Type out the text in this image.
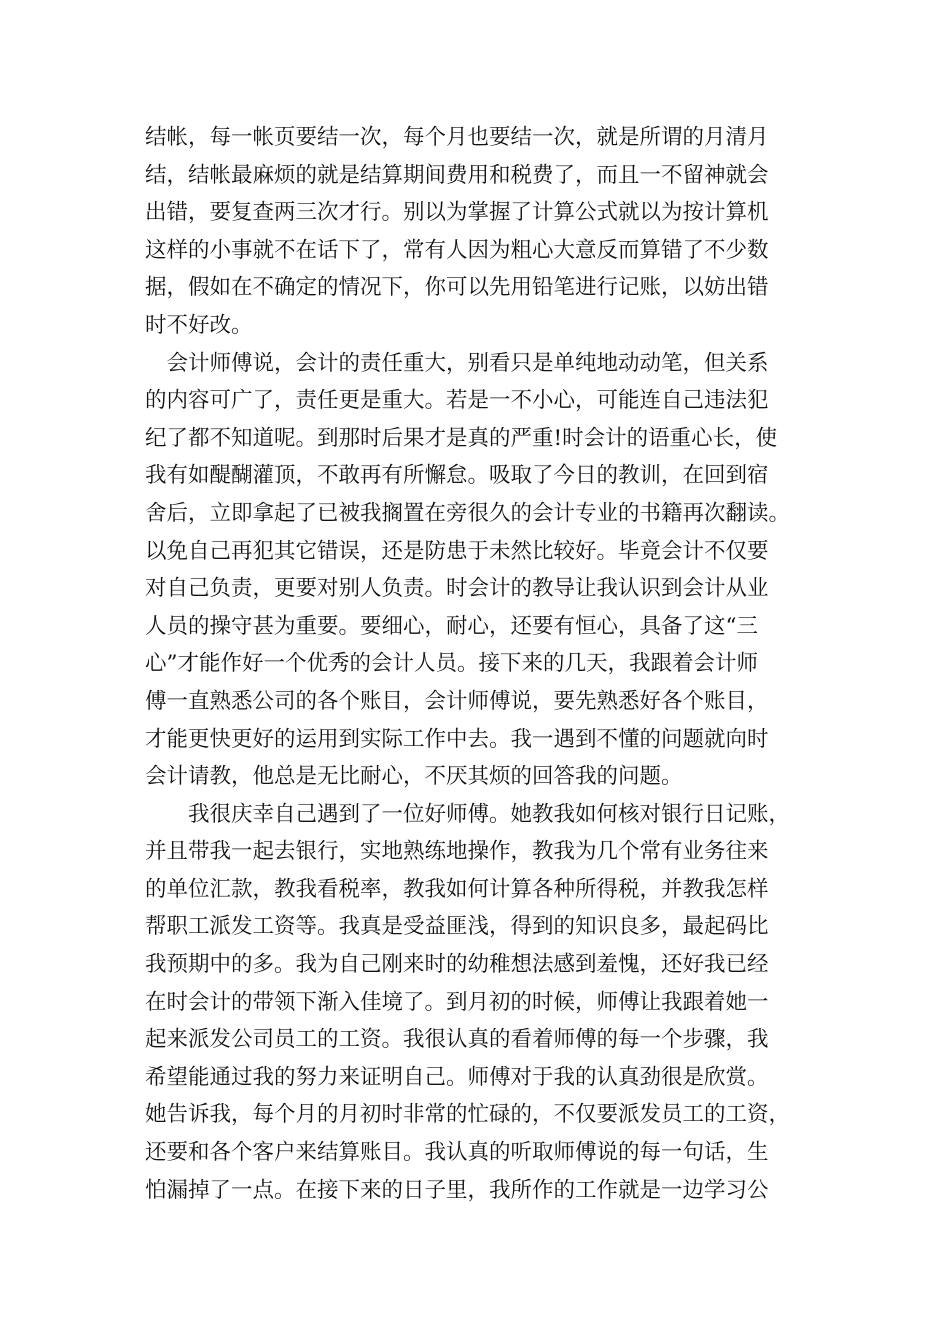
结帐，每一帐页要结一次，每个月也要结一次，就是所谓的月清月
结，结帐最麻烦的就是结算期间费用和税费了，而且一不留神就会
出错，要复查两三次才行。别以为掌握了计算公式就以为按计算机
这样的小事就不在话下了，常有人因为粗心大意反而算错了不少数
据，假如在不确定的情况下，你可以先用铅笔进行记账，以妨出错
时不好改。
　会计师傅说，会计的责任重大，别看只是单纯地动动笔，但关系
的内容可广了，责任更是重大。若是一不小心，可能连自己违法犯
纪了都不知道呢。到那时后果才是真的严重!时会计的语重心长，使
我有如醍醐灌顶，不敢再有所懈怠。吸取了今日的教训，在回到宿
舍后，立即拿起了已被我搁置在旁很久的会计专业的书籍再次翻读。
以免自己再犯其它错误，还是防患于未然比较好。毕竟会计不仅要
对自己负责，更要对别人负责。时会计的教导让我认识到会计从业
人员的操守甚为重要。要细心，耐心，还要有恒心，具备了这“三
心”才能作好一个优秀的会计人员。接下来的几天，我跟着会计师
傅一直熟悉公司的各个账目，会计师傅说，要先熟悉好各个账目，
才能更快更好的运用到实际工作中去。我一遇到不懂的问题就向时
会计请教，他总是无比耐心，不厌其烦的回答我的问题。
　　我很庆幸自己遇到了一位好师傅。她教我如何核对银行日记账，
并且带我一起去银行，实地熟练地操作，教我为几个常有业务往来
的单位汇款，教我看税率，教我如何计算各种所得税，并教我怎样
帮职工派发工资等。我真是受益匪浅，得到的知识良多，最起码比
我预期中的多。我为自己刚来时的幼稚想法感到羞愧，还好我已经
在时会计的带领下渐入佳境了。到月初的时候，师傅让我跟着她一
起来派发公司员工的工资。我很认真的看着师傅的每一个步骤，我
希望能通过我的努力来证明自己。师傅对于我的认真劲很是欣赏。
她告诉我，每个月的月初时非常的忙碌的，不仅要派发员工的工资，
还要和各个客户来结算账目。我认真的听取师傅说的每一句话，生
怕漏掉了一点。在接下来的日子里，我所作的工作就是一边学习公
